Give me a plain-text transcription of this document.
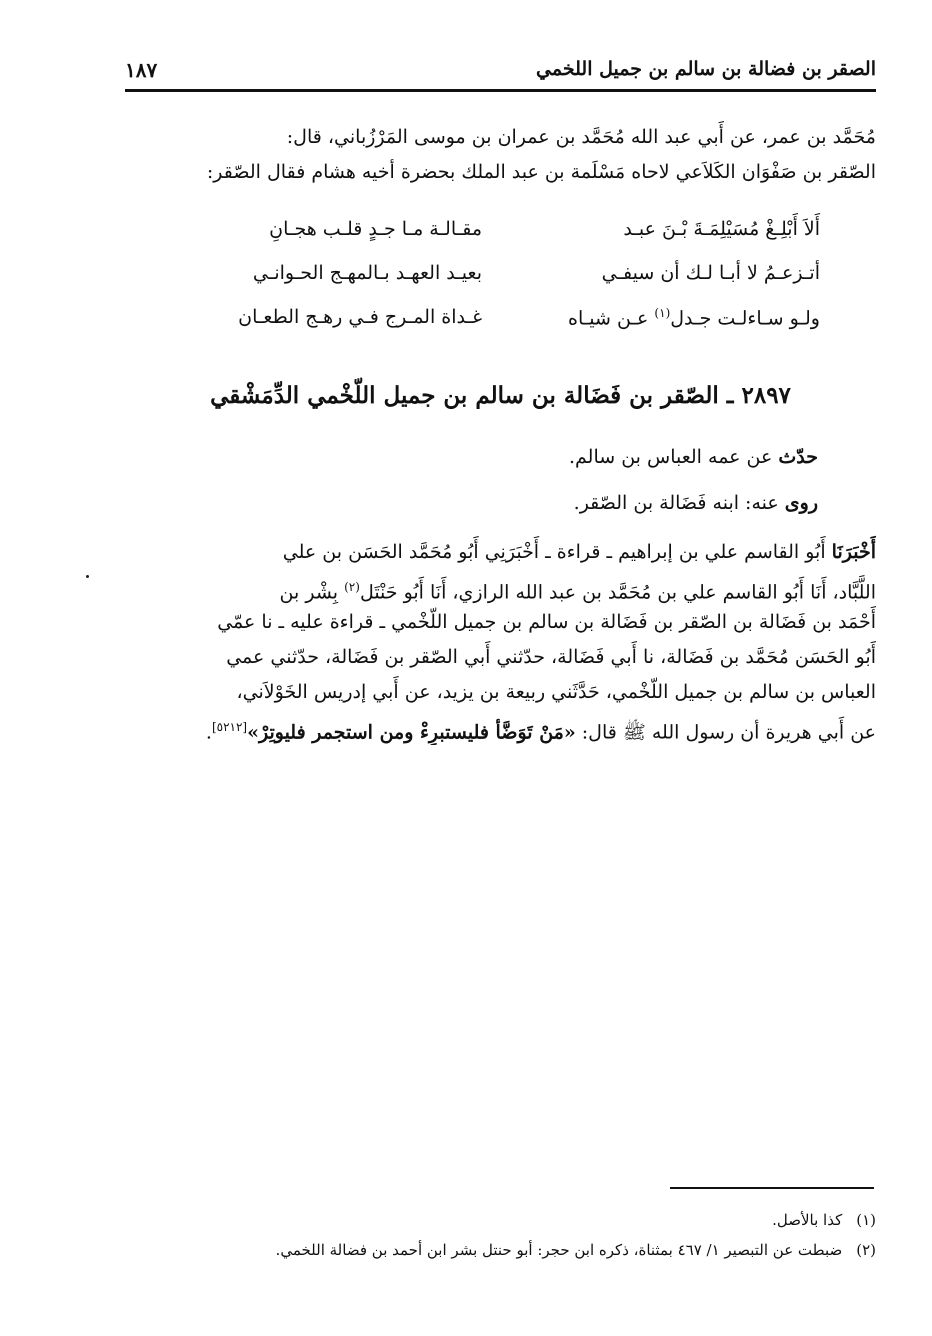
الصقر بن فضالة بن سالم بن جميل اللخمي
١٨٧
مُحَمَّد بن عمر، عن أَبي عبد الله مُحَمَّد بن عمران بن موسى المَرْزُباني، قال:
الصّقر بن صَفْوَان الكَلاَعي لاحاه مَسْلَمة بن عبد الملك بحضرة أخيه هشام فقال الصّقر:
أَلاَ أَبْلِـغْ مُسَيْلِمَـةَ بْـنَ عبـد
مقـالـة مـا جـدٍ قلـب هجـانِ
أتـزعـمُ لا أبـا لـك أن سيفـي
بعيـد العهـد بـالمهـج الحـوانـي
ولـو سـاءلـت جـدل$^{(١)}$ عـن شيـاه
غـداة المـرج فـي رهـج الطعـان
٢٨٩٧ ـ الصّقر بن فَضَالة بن سالم بن جميل اللّخْمي الدِّمَشْقي
حدّث عن عمه العباس بن سالم.
روى عنه: ابنه فَضَالة بن الصّقر.
أَخْبَرَنَا أَبُو القاسم علي بن إبراهيم ـ قراءة ـ أَخْبَرَنِي أَبُو مُحَمَّد الحَسَن بن علي
اللَّبَّاد، أَنَا أَبُو القاسم علي بن مُحَمَّد بن عبد الله الرازي، أَنَا أَبُو حَنْتَل$^{(٢)}$ بِشْر بن
أَحْمَد بن فَضَالة بن الصّقر بن فَضَالة بن سالم بن جميل اللّخْمي ـ قراءة عليه ـ نا عمّي
أَبُو الحَسَن مُحَمَّد بن فَضَالة، نا أَبي فَضَالة، حدّثني أَبي الصّقر بن فَضَالة، حدّثني عمي
العباس بن سالم بن جميل اللّخْمي، حَدَّثَني ربيعة بن يزيد، عن أَبي إدريس الخَوْلاَني،
عن أَبي هريرة أن رسول الله ﷺ قال: «مَنْ تَوَضَّأ فليستبرِءْ ومن استجمر فليوتِرْ»[٥٢١٢].
(١)كذا بالأصل.
(٢)ضبطت عن التبصير ١/ ٤٦٧ بمثناة، ذكره ابن حجر: أبو حنتل بشر ابن أحمد بن فضالة اللخمي.
